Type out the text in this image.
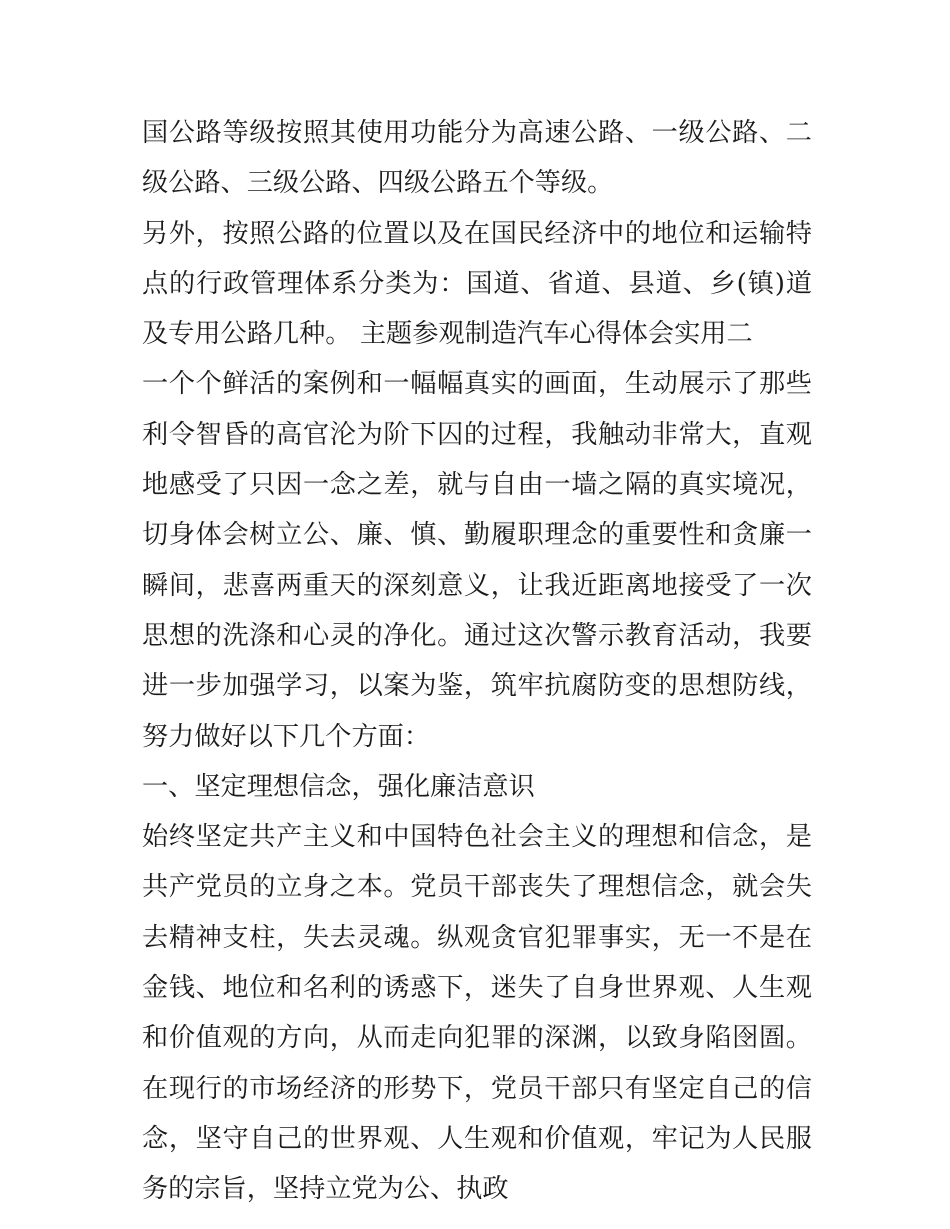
国公路等级按照其使用功能分为高速公路、一级公路、二级公路、三级公路、四级公路五个等级。

另外，按照公路的位置以及在国民经济中的地位和运输特点的行政管理体系分类为：国道、省道、县道、乡(镇)道及专用公路几种。 主题参观制造汽车心得体会实用二

一个个鲜活的案例和一幅幅真实的画面，生动展示了那些利令智昏的高官沦为阶下囚的过程，我触动非常大，直观地感受了只因一念之差，就与自由一墙之隔的真实境况，切身体会树立公、廉、慎、勤履职理念的重要性和贪廉一瞬间，悲喜两重天的深刻意义，让我近距离地接受了一次思想的洗涤和心灵的净化。通过这次警示教育活动，我要进一步加强学习，以案为鉴，筑牢抗腐防变的思想防线，努力做好以下几个方面：

一、坚定理想信念，强化廉洁意识

始终坚定共产主义和中国特色社会主义的理想和信念，是共产党员的立身之本。党员干部丧失了理想信念，就会失去精神支柱，失去灵魂。纵观贪官犯罪事实，无一不是在金钱、地位和名利的诱惑下，迷失了自身世界观、人生观和价值观的方向，从而走向犯罪的深渊，以致身陷囹圄。在现行的市场经济的形势下，党员干部只有坚定自己的信念，坚守自己的世界观、人生观和价值观，牢记为人民服务的宗旨，坚持立党为公、执政
